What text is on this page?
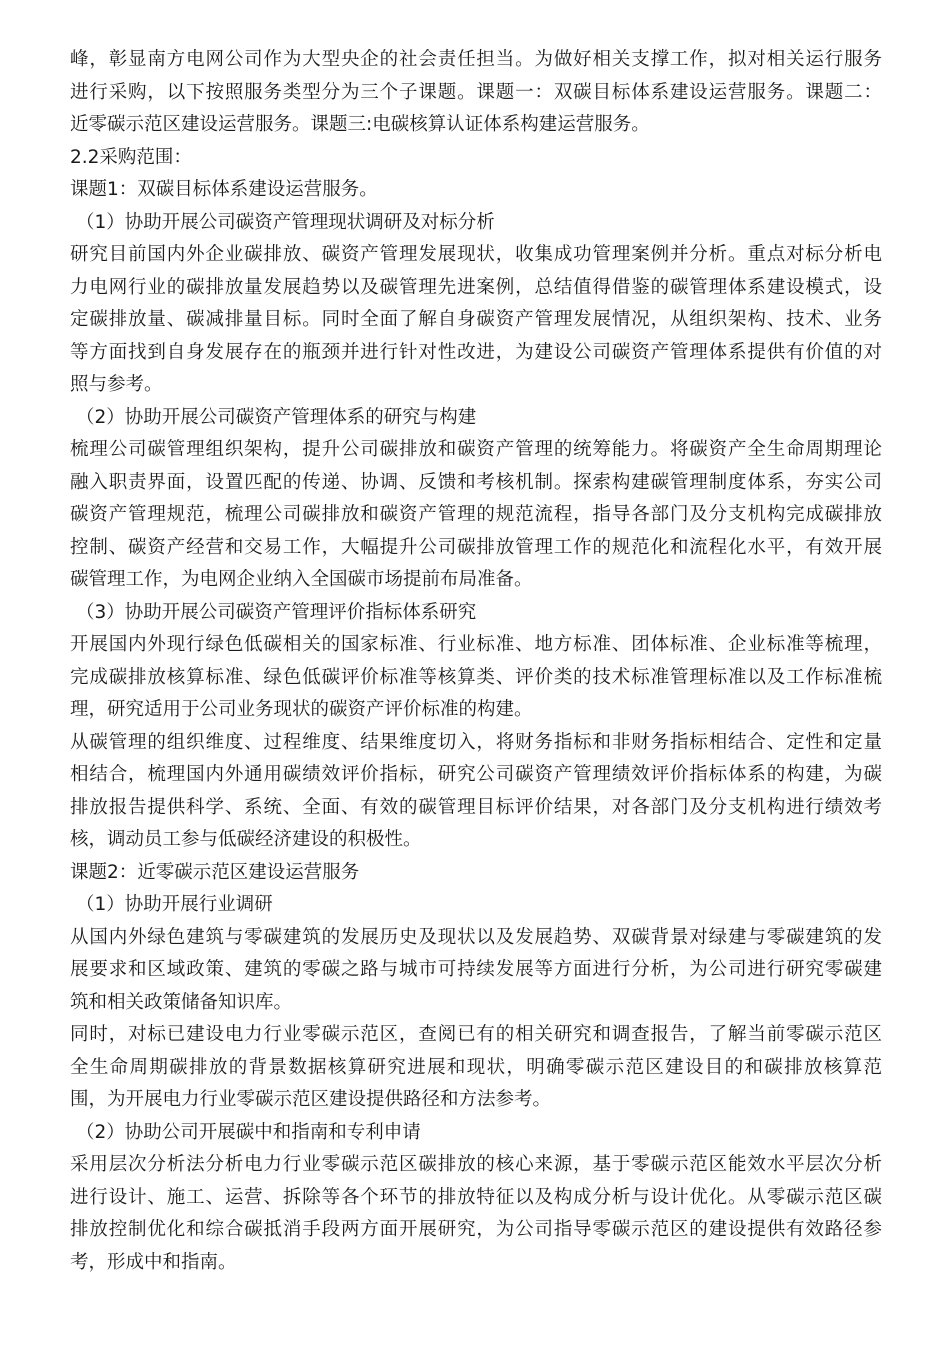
峰，彰显南方电网公司作为大型央企的社会责任担当。为做好相关支撑工作，拟对相关运行服务
进行采购，以下按照服务类型分为三个子课题。课题一：双碳目标体系建设运营服务。课题二：
近零碳示范区建设运营服务。课题三:电碳核算认证体系构建运营服务。
2.2采购范围：
课题1：双碳目标体系建设运营服务。
（1）协助开展公司碳资产管理现状调研及对标分析
研究目前国内外企业碳排放、碳资产管理发展现状，收集成功管理案例并分析。重点对标分析电
力电网行业的碳排放量发展趋势以及碳管理先进案例，总结值得借鉴的碳管理体系建设模式，设
定碳排放量、碳减排量目标。同时全面了解自身碳资产管理发展情况，从组织架构、技术、业务
等方面找到自身发展存在的瓶颈并进行针对性改进，为建设公司碳资产管理体系提供有价值的对
照与参考。
（2）协助开展公司碳资产管理体系的研究与构建
梳理公司碳管理组织架构，提升公司碳排放和碳资产管理的统筹能力。将碳资产全生命周期理论
融入职责界面，设置匹配的传递、协调、反馈和考核机制。探索构建碳管理制度体系，夯实公司
碳资产管理规范，梳理公司碳排放和碳资产管理的规范流程，指导各部门及分支机构完成碳排放
控制、碳资产经营和交易工作，大幅提升公司碳排放管理工作的规范化和流程化水平，有效开展
碳管理工作，为电网企业纳入全国碳市场提前布局准备。
（3）协助开展公司碳资产管理评价指标体系研究
开展国内外现行绿色低碳相关的国家标准、行业标准、地方标准、团体标准、企业标准等梳理，
完成碳排放核算标准、绿色低碳评价标准等核算类、评价类的技术标准管理标准以及工作标准梳
理，研究适用于公司业务现状的碳资产评价标准的构建。
从碳管理的组织维度、过程维度、结果维度切入，将财务指标和非财务指标相结合、定性和定量
相结合，梳理国内外通用碳绩效评价指标，研究公司碳资产管理绩效评价指标体系的构建，为碳
排放报告提供科学、系统、全面、有效的碳管理目标评价结果，对各部门及分支机构进行绩效考
核，调动员工参与低碳经济建设的积极性。
课题2：近零碳示范区建设运营服务
（1）协助开展行业调研
从国内外绿色建筑与零碳建筑的发展历史及现状以及发展趋势、双碳背景对绿建与零碳建筑的发
展要求和区域政策、建筑的零碳之路与城市可持续发展等方面进行分析，为公司进行研究零碳建
筑和相关政策储备知识库。
同时，对标已建设电力行业零碳示范区，查阅已有的相关研究和调查报告，了解当前零碳示范区
全生命周期碳排放的背景数据核算研究进展和现状，明确零碳示范区建设目的和碳排放核算范
围，为开展电力行业零碳示范区建设提供路径和方法参考。
（2）协助公司开展碳中和指南和专利申请
采用层次分析法分析电力行业零碳示范区碳排放的核心来源，基于零碳示范区能效水平层次分析
进行设计、施工、运营、拆除等各个环节的排放特征以及构成分析与设计优化。从零碳示范区碳
排放控制优化和综合碳抵消手段两方面开展研究，为公司指导零碳示范区的建设提供有效路径参
考，形成中和指南。
